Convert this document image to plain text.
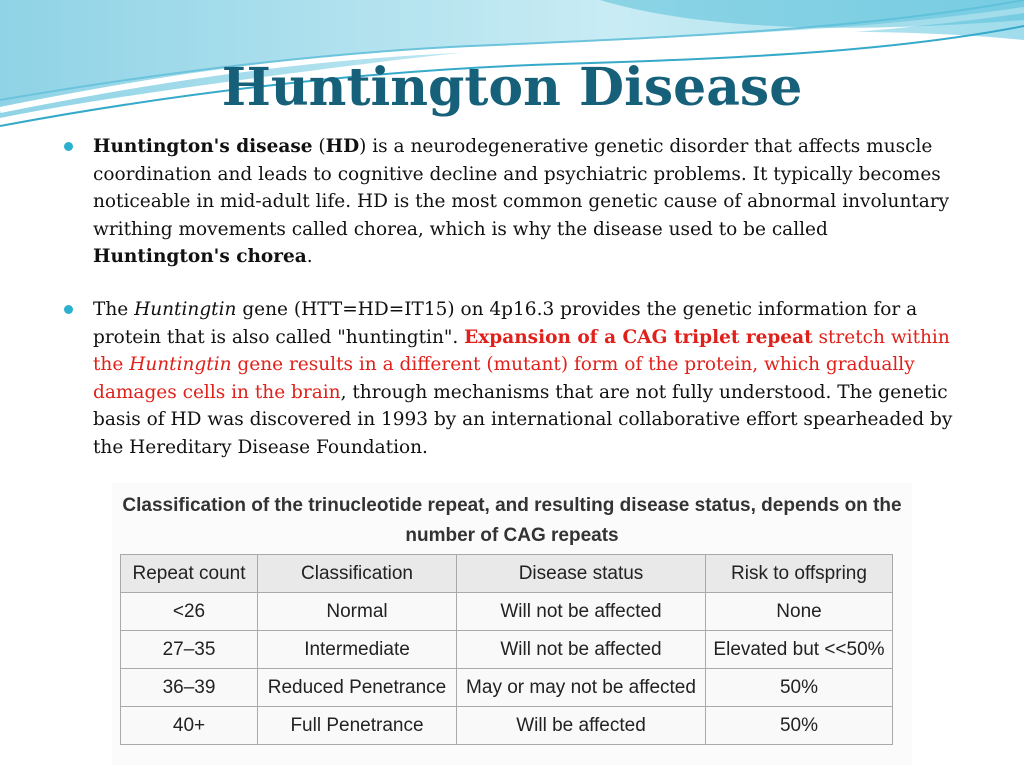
Huntington Disease
Huntington's disease (HD) is a neurodegenerative genetic disorder that affects muscle coordination and leads to cognitive decline and psychiatric problems. It typically becomes noticeable in mid-adult life. HD is the most common genetic cause of abnormal involuntary writhing movements called chorea, which is why the disease used to be called Huntington's chorea.
The Huntingtin gene (HTT=HD=IT15) on 4p16.3 provides the genetic information for a protein that is also called "huntingtin". Expansion of a CAG triplet repeat stretch within the Huntingtin gene results in a different (mutant) form of the protein, which gradually damages cells in the brain, through mechanisms that are not fully understood. The genetic basis of HD was discovered in 1993 by an international collaborative effort spearheaded by the Hereditary Disease Foundation.
Classification of the trinucleotide repeat, and resulting disease status, depends on the number of CAG repeats
Repeat count	Classification	Disease status	Risk to offspring
<26	Normal	Will not be affected	None
27–35	Intermediate	Will not be affected	Elevated but <<50%
36–39	Reduced Penetrance	May or may not be affected	50%
40+	Full Penetrance	Will be affected	50%
